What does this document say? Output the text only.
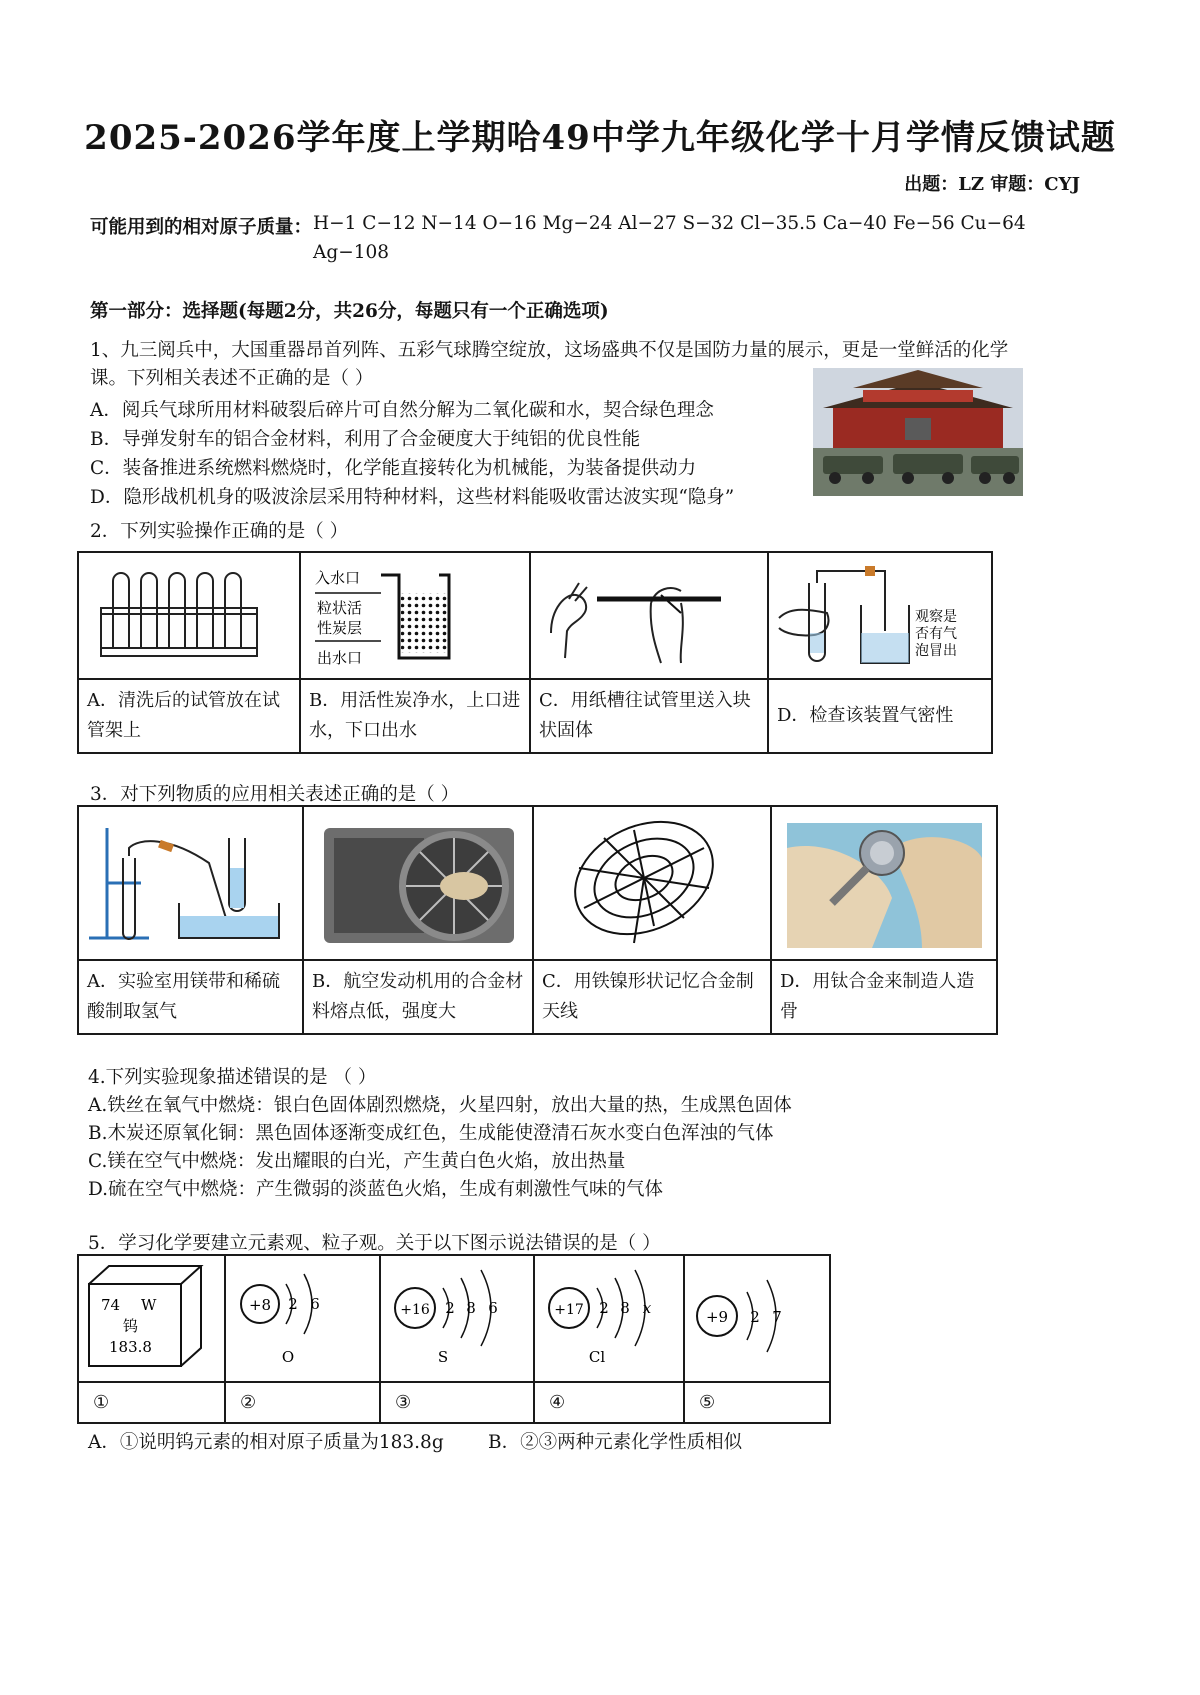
2025-2026学年度上学期哈49中学九年级化学十月学情反馈试题
出题：LZ 审题：CYJ
可能用到的相对原子质量： H−1 C−12 N−14 O−16 Mg−24 Al−27 S−32 Cl−35.5 Ca−40 Fe−56 Cu−64
Ag−108
第一部分：选择题(每题2分，共26分，每题只有一个正确选项)
1、九三阅兵中，大国重器昂首列阵、五彩气球腾空绽放，这场盛典不仅是国防力量的展示，更是一堂鲜活的化学
课。下列相关表述不正确的是（ ）
A．阅兵气球所用材料破裂后碎片可自然分解为二氧化碳和水，契合绿色理念
B．导弹发射车的铝合金材料，利用了合金硬度大于纯铝的优良性能
C．装备推进系统燃料燃烧时，化学能直接转化为机械能，为装备提供动力
D．隐形战机机身的吸波涂层采用特种材料，这些材料能吸收雷达波实现“隐身”
2．下列实验操作正确的是（ ）

入水口
粒状活
性炭层
出水口		观察是
否有气
泡冒出

A．清洗后的试管放在试管架上	B．用活性炭净水，上口进水，下口出水	C．用纸槽往试管里送入块状固体	D．检查该装置气密性
3．对下列物质的应用相关表述正确的是（ ）

A．实验室用镁带和稀硫酸制取氢气	B．航空发动机用的合金材料熔点低，强度大	C．用铁镍形状记忆合金制天线	D．用钛合金来制造人造骨
4.下列实验现象描述错误的是 （ ）
A.铁丝在氧气中燃烧：银白色固体剧烈燃烧，火星四射，放出大量的热，生成黑色固体
B.木炭还原氧化铜：黑色固体逐渐变成红色，生成能使澄清石灰水变白色浑浊的气体
C.镁在空气中燃烧：发出耀眼的白光，产生黄白色火焰，放出热量
D.硫在空气中燃烧：产生微弱的淡蓝色火焰，生成有刺激性气味的气体
5．学习化学要建立元素观、粒子观。关于以下图示说法错误的是（ ）
74 W
钨
183.8	+8 2 6
O	+16 2 8 6
S	+17 2 8 x
Cl	+9 2 7

①	②	③	④	⑤
A．①说明钨元素的相对原子质量为183.8g B．②③两种元素化学性质相似
